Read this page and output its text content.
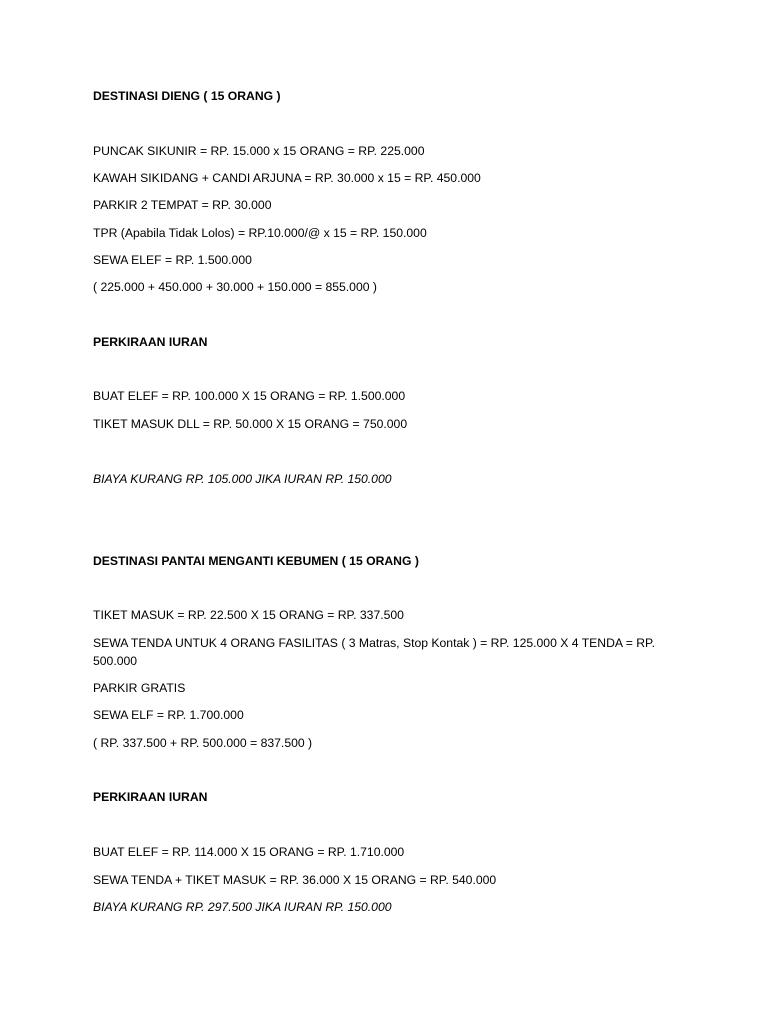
DESTINASI DIENG ( 15 ORANG )
PUNCAK SIKUNIR = RP. 15.000 x 15 ORANG = RP. 225.000
KAWAH SIKIDANG + CANDI ARJUNA = RP. 30.000 x 15 = RP. 450.000
PARKIR 2 TEMPAT = RP. 30.000
TPR (Apabila Tidak Lolos) = RP.10.000/@ x 15 = RP. 150.000
SEWA ELEF = RP. 1.500.000
( 225.000 + 450.000 + 30.000 + 150.000 = 855.000 )
PERKIRAAN IURAN
BUAT ELEF = RP. 100.000 X 15 ORANG = RP. 1.500.000
TIKET MASUK DLL = RP. 50.000 X 15 ORANG = 750.000
BIAYA KURANG RP. 105.000 JIKA IURAN RP. 150.000
DESTINASI PANTAI MENGANTI KEBUMEN ( 15 ORANG )
TIKET MASUK = RP. 22.500 X 15 ORANG = RP. 337.500
SEWA TENDA UNTUK 4 ORANG FASILITAS ( 3 Matras, Stop Kontak ) = RP. 125.000 X 4 TENDA = RP. 500.000
PARKIR GRATIS
SEWA ELF = RP. 1.700.000
( RP. 337.500 + RP. 500.000 = 837.500 )
PERKIRAAN IURAN
BUAT ELEF = RP. 114.000 X 15 ORANG = RP. 1.710.000
SEWA TENDA + TIKET MASUK = RP. 36.000 X 15 ORANG = RP. 540.000
BIAYA KURANG RP. 297.500 JIKA IURAN RP. 150.000
